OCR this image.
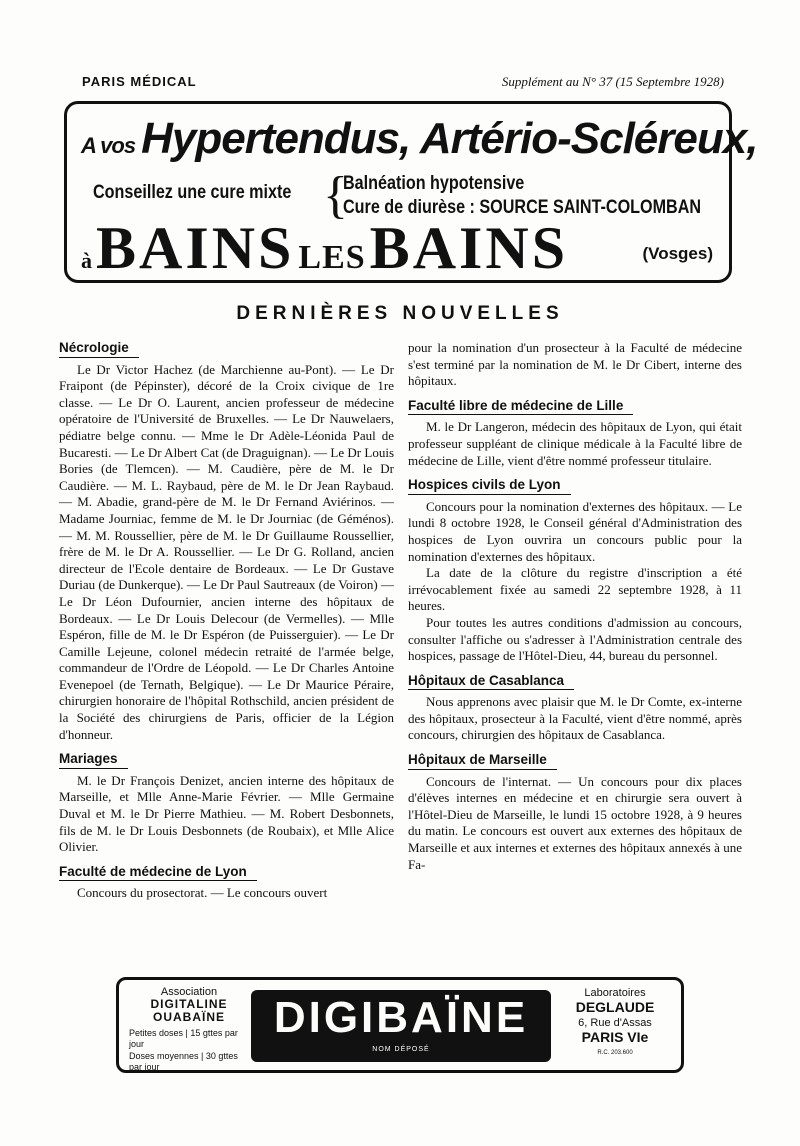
PARIS MÉDICAL	Supplément au N° 37 (15 Septembre 1928)
A vos Hypertendus, Artério-Scléreux,
Conseillez une cure mixte {
Balnéation hypotensive
Cure de diurèse : SOURCE SAINT-COLOMBAN
à BAINS LES BAINS	(Vosges)
DERNIÈRES NOUVELLES
Nécrologie

Le Dr Victor Hachez (de Marchienne au-Pont). — Le Dr Fraipont (de Pépinster), décoré de la Croix civique de 1re classe. — Le Dr O. Laurent, ancien professeur de médecine opératoire de l'Université de Bruxelles. — Le Dr Nauwelaers, pédiatre belge connu. — Mme le Dr Adèle-Léonida Paul de Bucaresti. — Le Dr Albert Cat (de Draguignan). — Le Dr Louis Bories (de Tlemcen). — M. Caudière, père de M. le Dr Caudière. — M. L. Raybaud, père de M. le Dr Jean Raybaud. — M. Abadie, grand-père de M. le Dr Fernand Aviérinos. — Madame Journiac, femme de M. le Dr Journiac (de Géménos). — M. M. Roussellier, père de M. le Dr Guillaume Roussellier, frère de M. le Dr A. Roussellier. — Le Dr G. Rolland, ancien directeur de l'Ecole dentaire de Bordeaux. — Le Dr Gustave Duriau (de Dunkerque). — Le Dr Paul Sautreaux (de Voiron) — Le Dr Léon Dufournier, ancien interne des hôpitaux de Bordeaux. — Le Dr Louis Delecour (de Vermelles). — Mlle Espéron, fille de M. le Dr Espéron (de Puisserguier). — Le Dr Camille Lejeune, colonel médecin retraité de l'armée belge, commandeur de l'Ordre de Léopold. — Le Dr Charles Antoine Evenepoel (de Ternath, Belgique). — Le Dr Maurice Péraire, chirurgien honoraire de l'hôpital Rothschild, ancien président de la Société des chirurgiens de Paris, officier de la Légion d'honneur.

Mariages

M. le Dr François Denizet, ancien interne des hôpitaux de Marseille, et Mlle Anne-Marie Février. — Mlle Germaine Duval et M. le Dr Pierre Mathieu. — M. Robert Desbonnets, fils de M. le Dr Louis Desbonnets (de Roubaix), et Mlle Alice Olivier.

Faculté de médecine de Lyon

Concours du prosectorat. — Le concours ouvert

pour la nomination d'un prosecteur à la Faculté de médecine s'est terminé par la nomination de M. le Dr Cibert, interne des hôpitaux.

Faculté libre de médecine de Lille

M. le Dr Langeron, médecin des hôpitaux de Lyon, qui était professeur suppléant de clinique médicale à la Faculté libre de médecine de Lille, vient d'être nommé professeur titulaire.

Hospices civils de Lyon

Concours pour la nomination d'externes des hôpitaux. — Le lundi 8 octobre 1928, le Conseil général d'Administration des hospices de Lyon ouvrira un concours public pour la nomination d'externes des hôpitaux.

La date de la clôture du registre d'inscription a été irrévocablement fixée au samedi 22 septembre 1928, à 11 heures.

Pour toutes les autres conditions d'admission au concours, consulter l'affiche ou s'adresser à l'Administration centrale des hospices, passage de l'Hôtel-Dieu, 44, bureau du personnel.

Hôpitaux de Casablanca

Nous apprenons avec plaisir que M. le Dr Comte, ex-interne des hôpitaux, prosecteur à la Faculté, vient d'être nommé, après concours, chirurgien des hôpitaux de Casablanca.

Hôpitaux de Marseille

Concours de l'internat. — Un concours pour dix places d'élèves internes en médecine et en chirurgie sera ouvert à l'Hôtel-Dieu de Marseille, le lundi 15 octobre 1928, à 9 heures du matin. Le concours est ouvert aux externes des hôpitaux de Marseille et aux internes et externes des hôpitaux annexés à une Fa-

Association
DIGITALINE
OUABAÏNE
Petites doses | 15 gttes par jour
Doses moyennes | 30 gttes par jour
DIGIBAÏNE
NOM DÉPOSÉ
Laboratoires
DEGLAUDE
6, Rue d'Assas
PARIS VIe
R.C. 203.600
